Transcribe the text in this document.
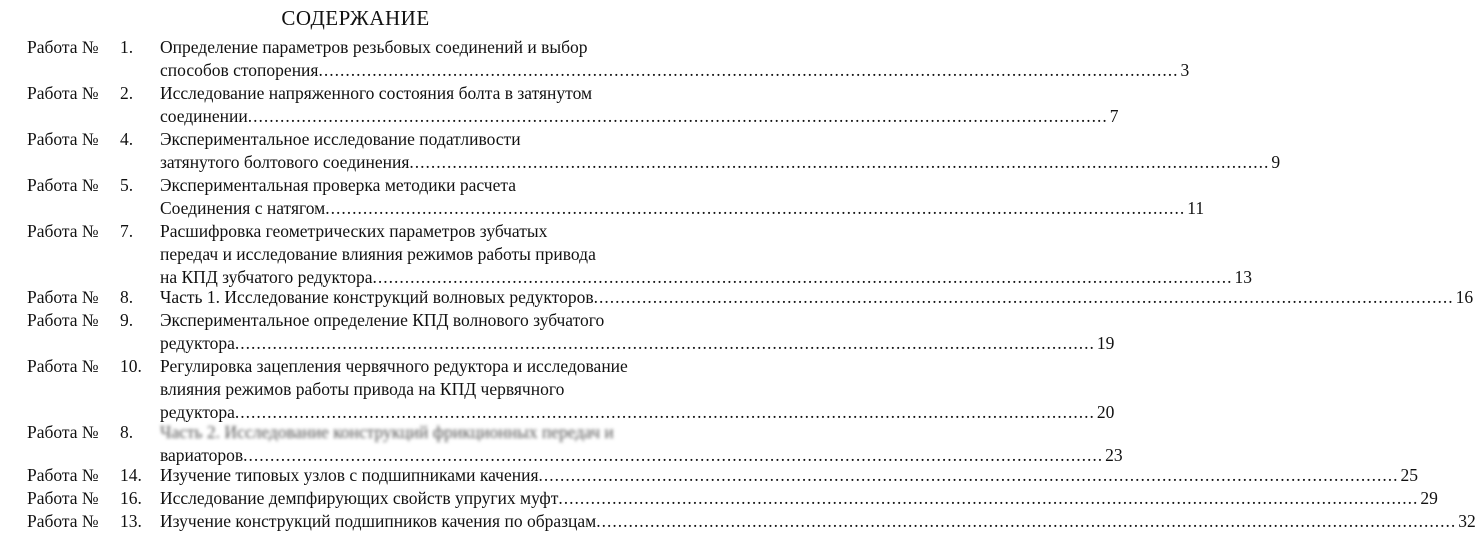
СОДЕРЖАНИЕ
Работа № 1. Определение параметров резьбовых соединений и выбор
способов стопорения ................................................................................................................................................................ 3
Работа № 2. Исследование напряженного состояния болта в затянутом
соединении ................................................................................................................................................................ 7
Работа № 4. Экспериментальное исследование податливости
затянутого болтового соединения ................................................................................................................................................................ 9
Работа № 5. Экспериментальная проверка методики расчета
Соединения с натягом ................................................................................................................................................................ 11
Работа № 7. Расшифровка геометрических параметров зубчатых
передач и исследование влияния режимов работы привода
на КПД зубчатого редуктора ................................................................................................................................................................ 13
Работа № 8. Часть 1. Исследование конструкций волновых редукторов ................................................................................................................................................................ 16
Работа № 9. Экспериментальное определение КПД волнового зубчатого
редуктора ................................................................................................................................................................ 19
Работа № 10. Регулировка зацепления червячного редуктора и исследование
влияния режимов работы привода на КПД червячного
редуктора ................................................................................................................................................................ 20
Работа № 8. Часть 2. Исследование конструкций фрикционных передач и
вариаторов ................................................................................................................................................................ 23
Работа № 14. Изучение типовых узлов с подшипниками качения ................................................................................................................................................................ 25
Работа № 16. Исследование демпфирующих свойств упругих муфт ................................................................................................................................................................ 29
Работа № 13. Изучение конструкций подшипников качения по образцам ................................................................................................................................................................ 32
